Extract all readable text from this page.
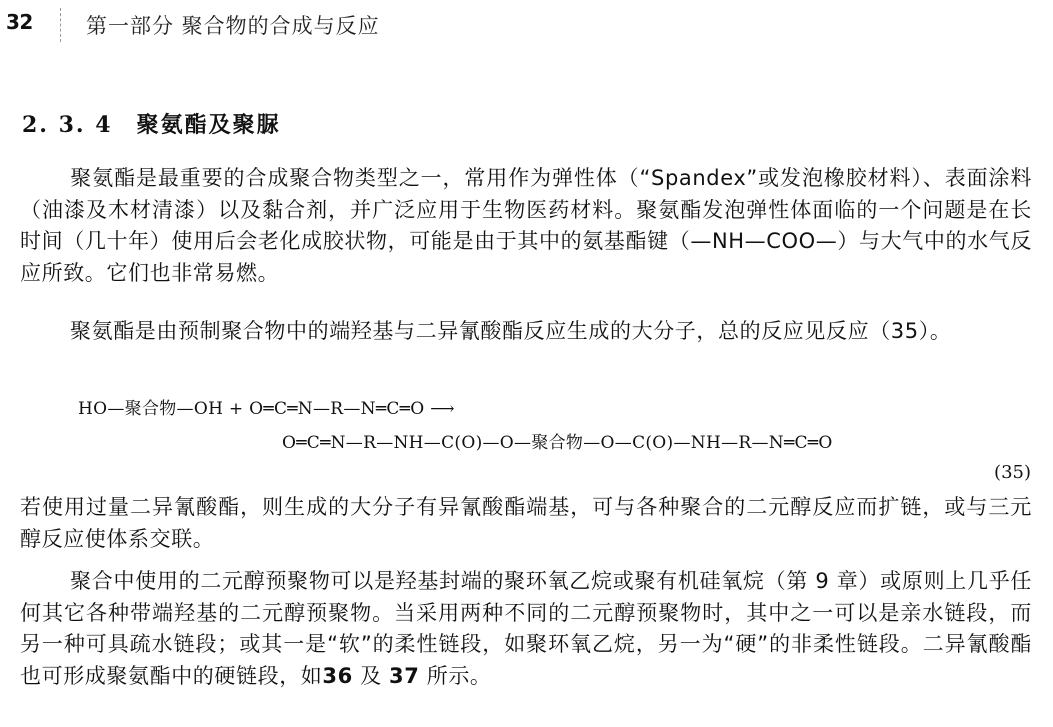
32	第一部分 聚合物的合成与反应
2. 3. 4 聚氨酯及聚脲

聚氨酯是最重要的合成聚合物类型之一，常用作为弹性体（“Spandex”或发泡橡胶材料）、表面涂料（油漆及木材清漆）以及黏合剂，并广泛应用于生物医药材料。聚氨酯发泡弹性体面临的一个问题是在长时间（几十年）使用后会老化成胶状物，可能是由于其中的氨基酯键（—NH—COO—）与大气中的水气反应所致。它们也非常易燃。

聚氨酯是由预制聚合物中的端羟基与二异氰酸酯反应生成的大分子，总的反应见反应（35）。

HO—聚合物—OH + O═C═N—R—N═C═O ⟶
O═C═N—R—NH—C(O)—O—聚合物—O—C(O)—NH—R—N═C═O
(35)

若使用过量二异氰酸酯，则生成的大分子有异氰酸酯端基，可与各种聚合的二元醇反应而扩链，或与三元醇反应使体系交联。

聚合中使用的二元醇预聚物可以是羟基封端的聚环氧乙烷或聚有机硅氧烷（第 9 章）或原则上几乎任何其它各种带端羟基的二元醇预聚物。当采用两种不同的二元醇预聚物时，其中之一可以是亲水链段，而另一种可具疏水链段；或其一是“软”的柔性链段，如聚环氧乙烷，另一为“硬”的非柔性链段。二异氰酸酯也可形成聚氨酯中的硬链段，如36 及 37 所示。
